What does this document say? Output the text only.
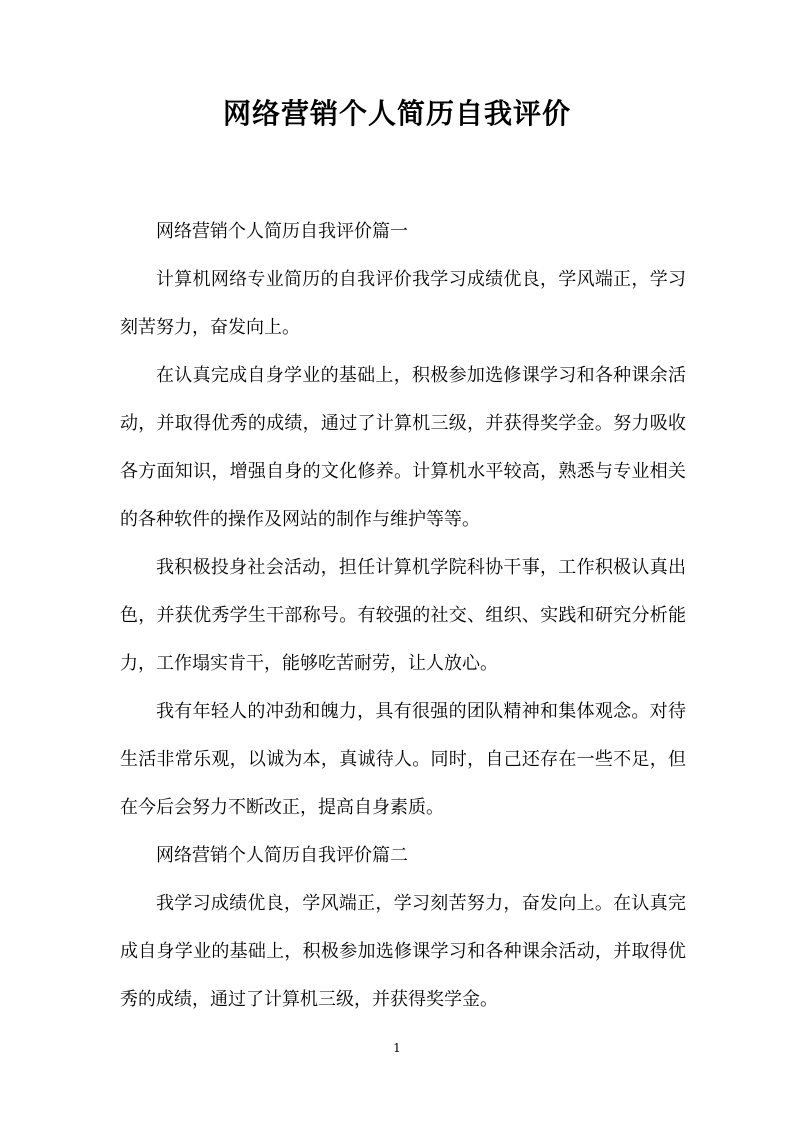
网络营销个人简历自我评价

网络营销个人简历自我评价篇一

计算机网络专业简历的自我评价我学习成绩优良，学风端正，学习刻苦努力，奋发向上。

在认真完成自身学业的基础上，积极参加选修课学习和各种课余活动，并取得优秀的成绩，通过了计算机三级，并获得奖学金。努力吸收各方面知识，增强自身的文化修养。计算机水平较高，熟悉与专业相关的各种软件的操作及网站的制作与维护等等。

我积极投身社会活动，担任计算机学院科协干事，工作积极认真出色，并获优秀学生干部称号。有较强的社交、组织、实践和研究分析能力，工作塌实肯干，能够吃苦耐劳，让人放心。

我有年轻人的冲劲和魄力，具有很强的团队精神和集体观念。对待生活非常乐观，以诚为本，真诚待人。同时，自己还存在一些不足，但在今后会努力不断改正，提高自身素质。

网络营销个人简历自我评价篇二

我学习成绩优良，学风端正，学习刻苦努力，奋发向上。在认真完成自身学业的基础上，积极参加选修课学习和各种课余活动，并取得优秀的成绩，通过了计算机三级，并获得奖学金。

1
